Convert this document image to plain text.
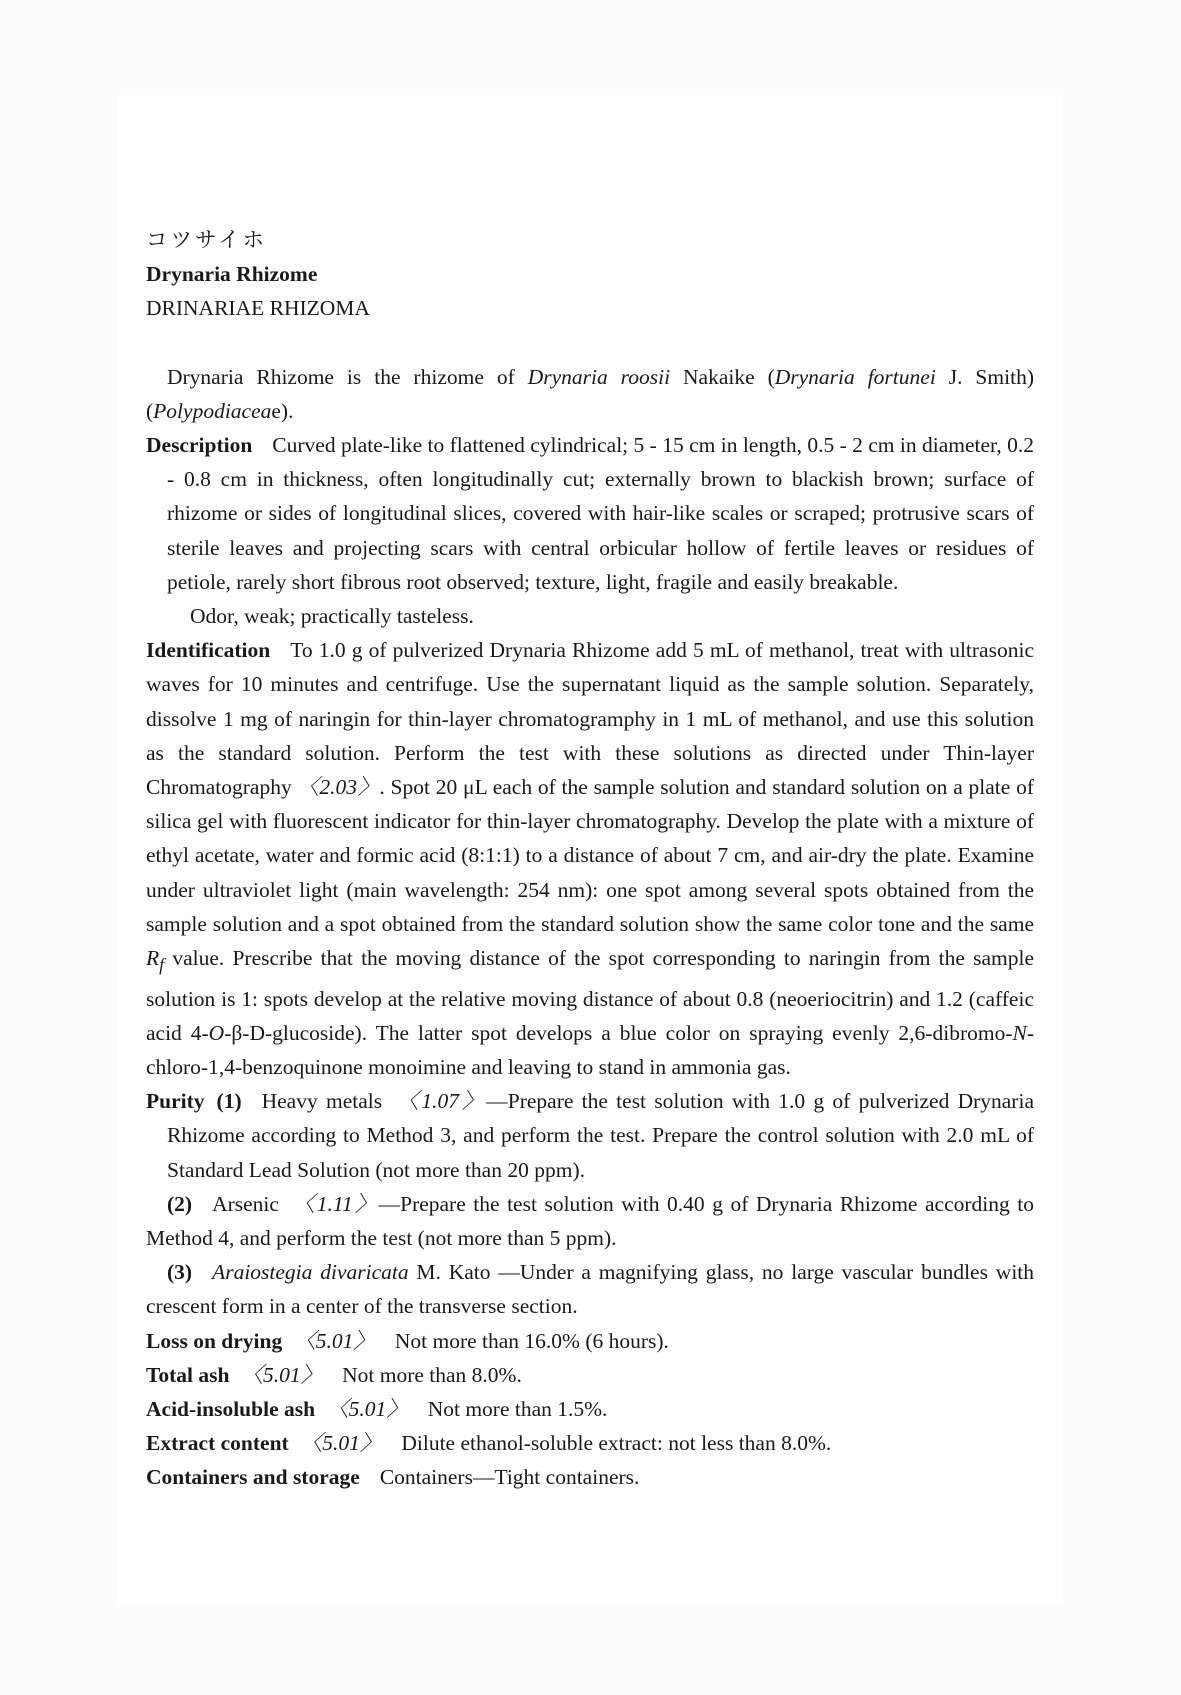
コツサイホ

Drynaria Rhizome

DRINARIAE RHIZOMA

Drynaria Rhizome is the rhizome of Drynaria roosii Nakaike (Drynaria fortunei J. Smith)(Polypodiaceae).

Description Curved plate-like to flattened cylindrical; 5 - 15 cm in length, 0.5 - 2 cm in diameter, 0.2 - 0.8 cm in thickness, often longitudinally cut; externally brown to blackish brown; surface of rhizome or sides of longitudinal slices, covered with hair-like scales or scraped; protrusive scars of sterile leaves and projecting scars with central orbicular hollow of fertile leaves or residues of petiole, rarely short fibrous root observed; texture, light, fragile and easily breakable.

Odor, weak; practically tasteless.

Identification To 1.0 g of pulverized Drynaria Rhizome add 5 mL of methanol, treat with ultrasonic waves for 10 minutes and centrifuge. Use the supernatant liquid as the sample solution. Separately, dissolve 1 mg of naringin for thin-layer chromatogramphy in 1 mL of methanol, and use this solution as the standard solution. Perform the test with these solutions as directed under Thin-layer Chromatography 〈2.03〉. Spot 20 μL each of the sample solution and standard solution on a plate of silica gel with fluorescent indicator for thin-layer chromatography. Develop the plate with a mixture of ethyl acetate, water and formic acid (8:1:1) to a distance of about 7 cm, and air-dry the plate. Examine under ultraviolet light (main wavelength: 254 nm): one spot among several spots obtained from the sample solution and a spot obtained from the standard solution show the same color tone and the same $R_f$ value. Prescribe that the moving distance of the spot corresponding to naringin from the sample solution is 1: spots develop at the relative moving distance of about 0.8 (neoeriocitrin) and 1.2 (caffeic acid 4-O-β-D-glucoside). The latter spot develops a blue color on spraying evenly 2,6-dibromo-N-chloro-1,4-benzoquinone monoimine and leaving to stand in ammonia gas.

Purity (1) Heavy metals 〈1.07〉—Prepare the test solution with 1.0 g of pulverized Drynaria Rhizome according to Method 3, and perform the test. Prepare the control solution with 2.0 mL of Standard Lead Solution (not more than 20 ppm).

(2) Arsenic 〈1.11〉—Prepare the test solution with 0.40 g of Drynaria Rhizome according to Method 4, and perform the test (not more than 5 ppm).

(3) Araiostegia divaricata M. Kato —Under a magnifying glass, no large vascular bundles with crescent form in a center of the transverse section.

Loss on drying 〈5.01〉 Not more than 16.0% (6 hours).

Total ash 〈5.01〉 Not more than 8.0%.

Acid-insoluble ash 〈5.01〉 Not more than 1.5%.

Extract content 〈5.01〉 Dilute ethanol-soluble extract: not less than 8.0%.

Containers and storage Containers—Tight containers.
